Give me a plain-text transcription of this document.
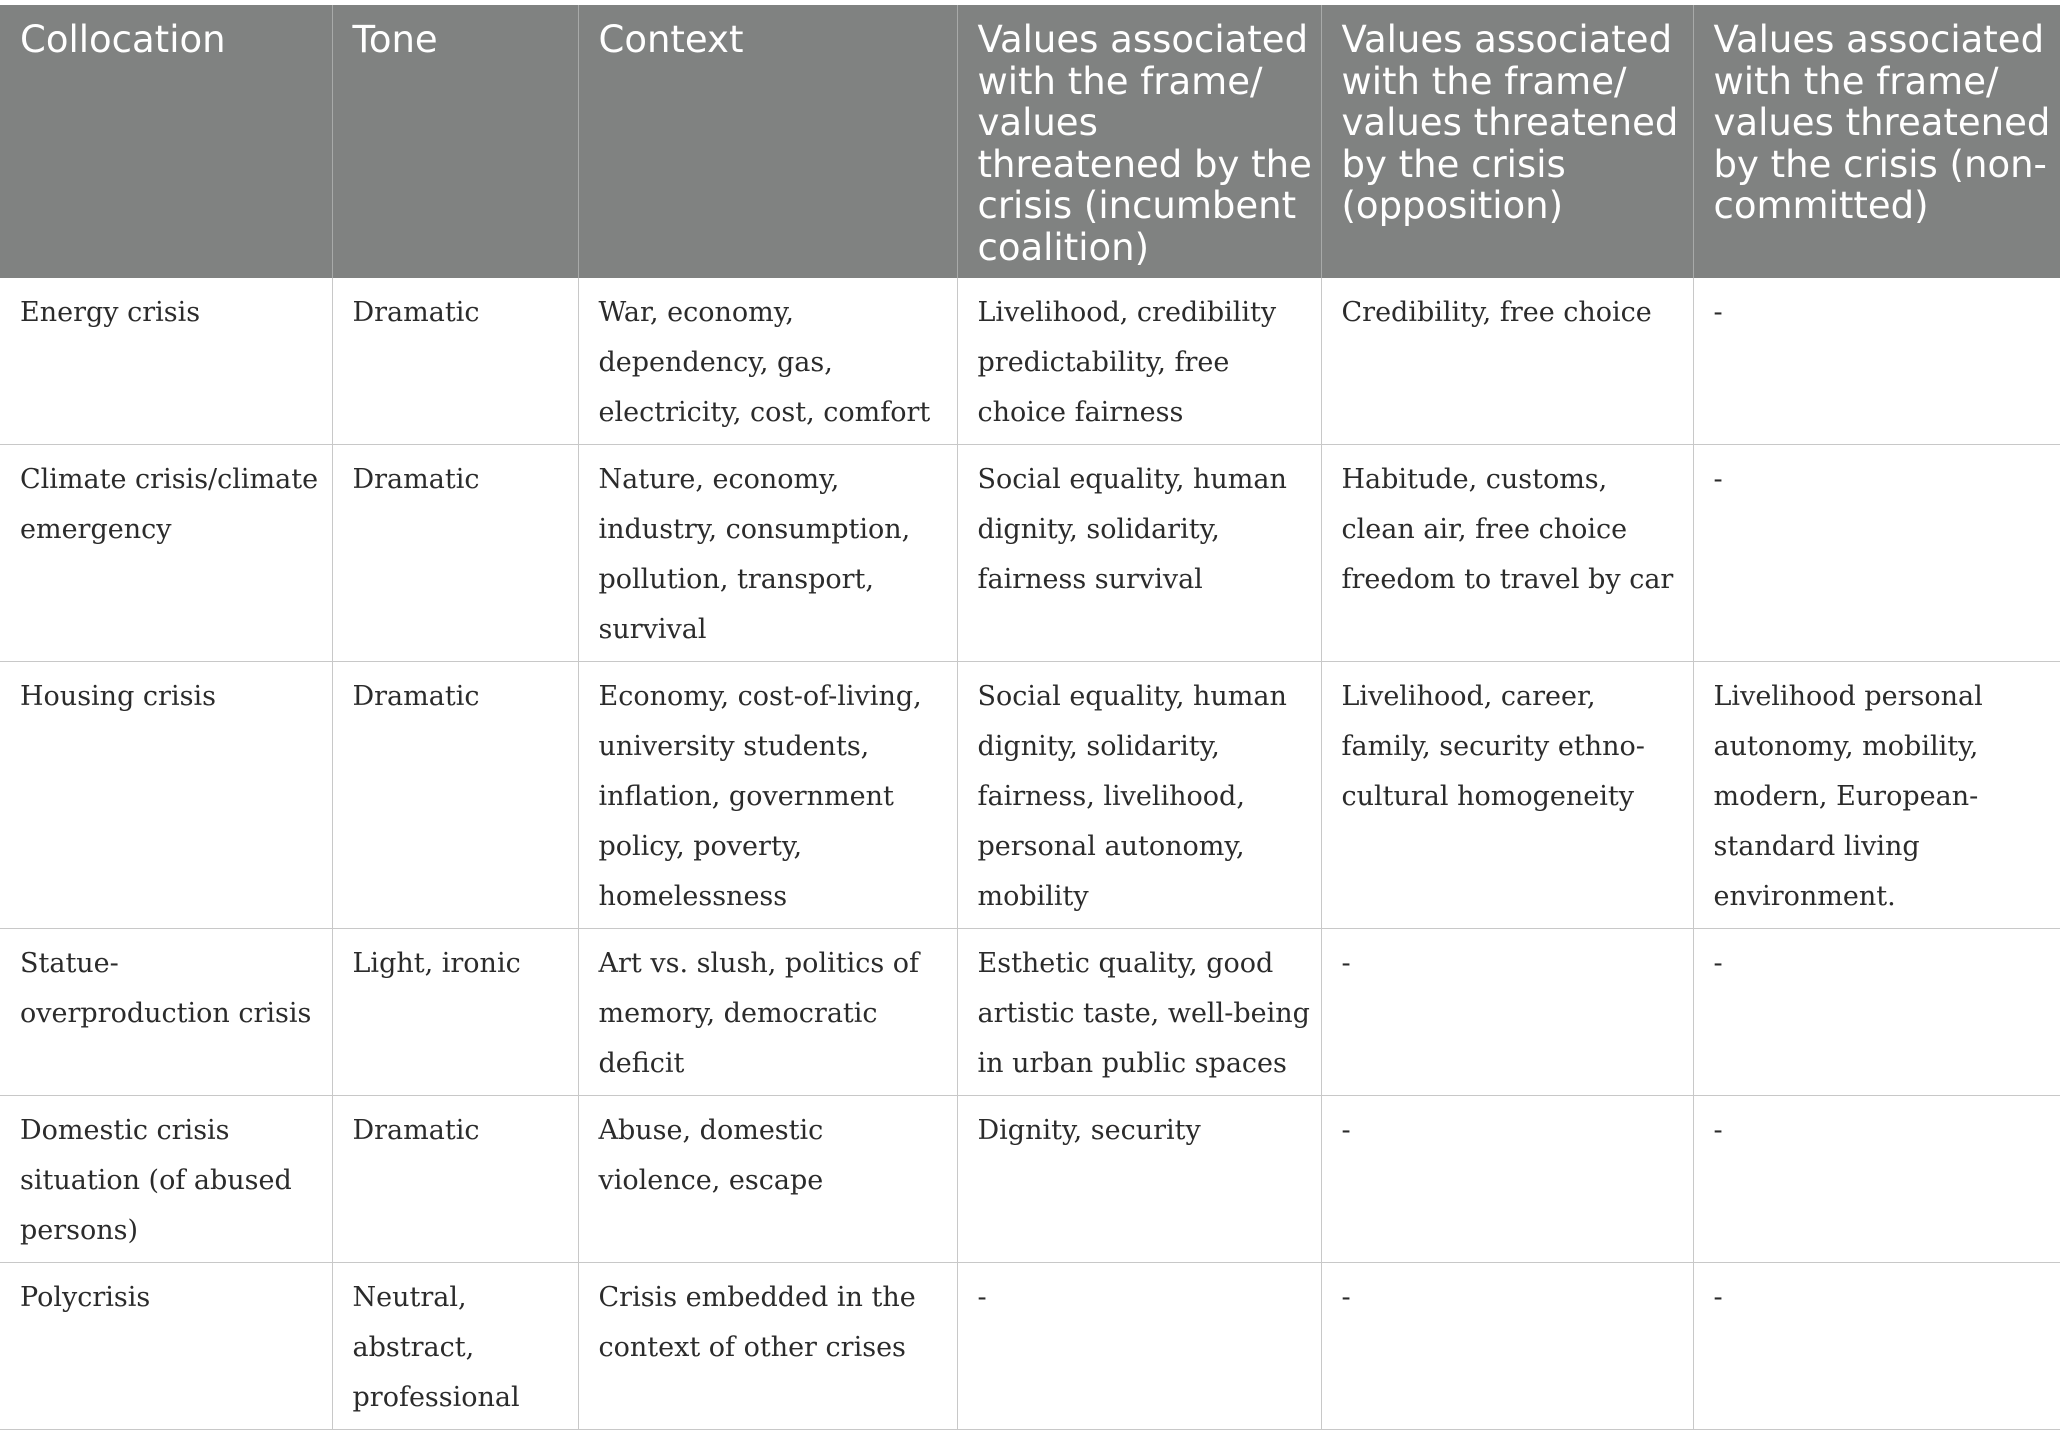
Collocation	Tone	Context	Values associated with the frame/ values threatened by the crisis (incumbent coalition)	Values associated with the frame/ values threatened by the crisis (opposition)	Values associated with the frame/ values threatened by the crisis (non-committed)
Energy crisis	Dramatic	War, economy, dependency, gas, electricity, cost, comfort	Livelihood, credibility predictability, free choice fairness	Credibility, free choice	-
Climate crisis/climate emergency	Dramatic	Nature, economy, industry, consumption, pollution, transport, survival	Social equality, human dignity, solidarity, fairness survival	Habitude, customs, clean air, free choice freedom to travel by car	-
Housing crisis	Dramatic	Economy, cost-of-living, university students, inflation, government policy, poverty, homelessness	Social equality, human dignity, solidarity, fairness, livelihood, personal autonomy, mobility	Livelihood, career, family, security ethno-cultural homogeneity	Livelihood personal autonomy, mobility, modern, European-standard living environment.
Statue-overproduction crisis	Light, ironic	Art vs. slush, politics of memory, democratic deficit	Esthetic quality, good artistic taste, well-being in urban public spaces	-	-
Domestic crisis situation (of abused persons)	Dramatic	Abuse, domestic violence, escape	Dignity, security	-	-
Polycrisis	Neutral, abstract, professional	Crisis embedded in the context of other crises	-	-	-
